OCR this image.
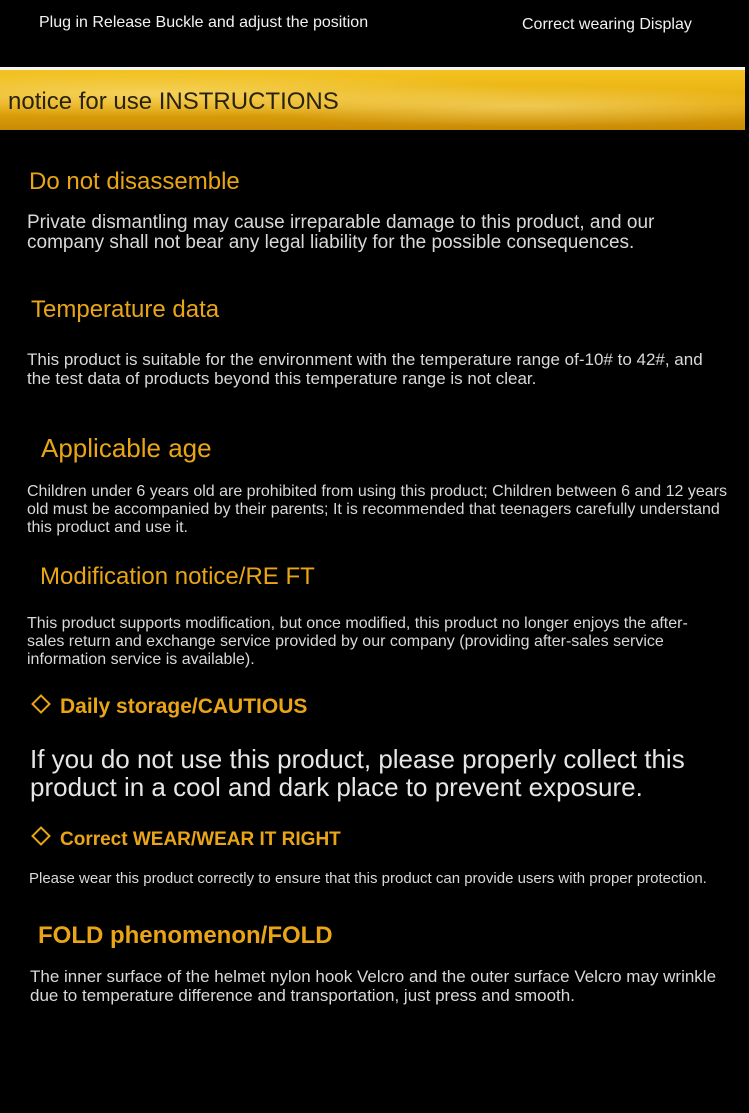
Plug in Release Buckle and adjust the position	Correct wearing Display
notice for use INSTRUCTIONS
Do not disassemble
Private dismantling may cause irreparable damage to this product, and our company shall not bear any legal liability for the possible consequences.
Temperature data
This product is suitable for the environment with the temperature range of-10# to 42#, and the test data of products beyond this temperature range is not clear.
Applicable age
Children under 6 years old are prohibited from using this product; Children between 6 and 12 years old must be accompanied by their parents; It is recommended that teenagers carefully understand this product and use it.
Modification notice/RE FT
This product supports modification, but once modified, this product no longer enjoys the after-sales return and exchange service provided by our company (providing after-sales service information service is available).
Daily storage/CAUTIOUS
If you do not use this product, please properly collect this product in a cool and dark place to prevent exposure.
Correct WEAR/WEAR IT RIGHT
Please wear this product correctly to ensure that this product can provide users with proper protection.
FOLD phenomenon/FOLD
The inner surface of the helmet nylon hook Velcro and the outer surface Velcro may wrinkle due to temperature difference and transportation, just press and smooth.
